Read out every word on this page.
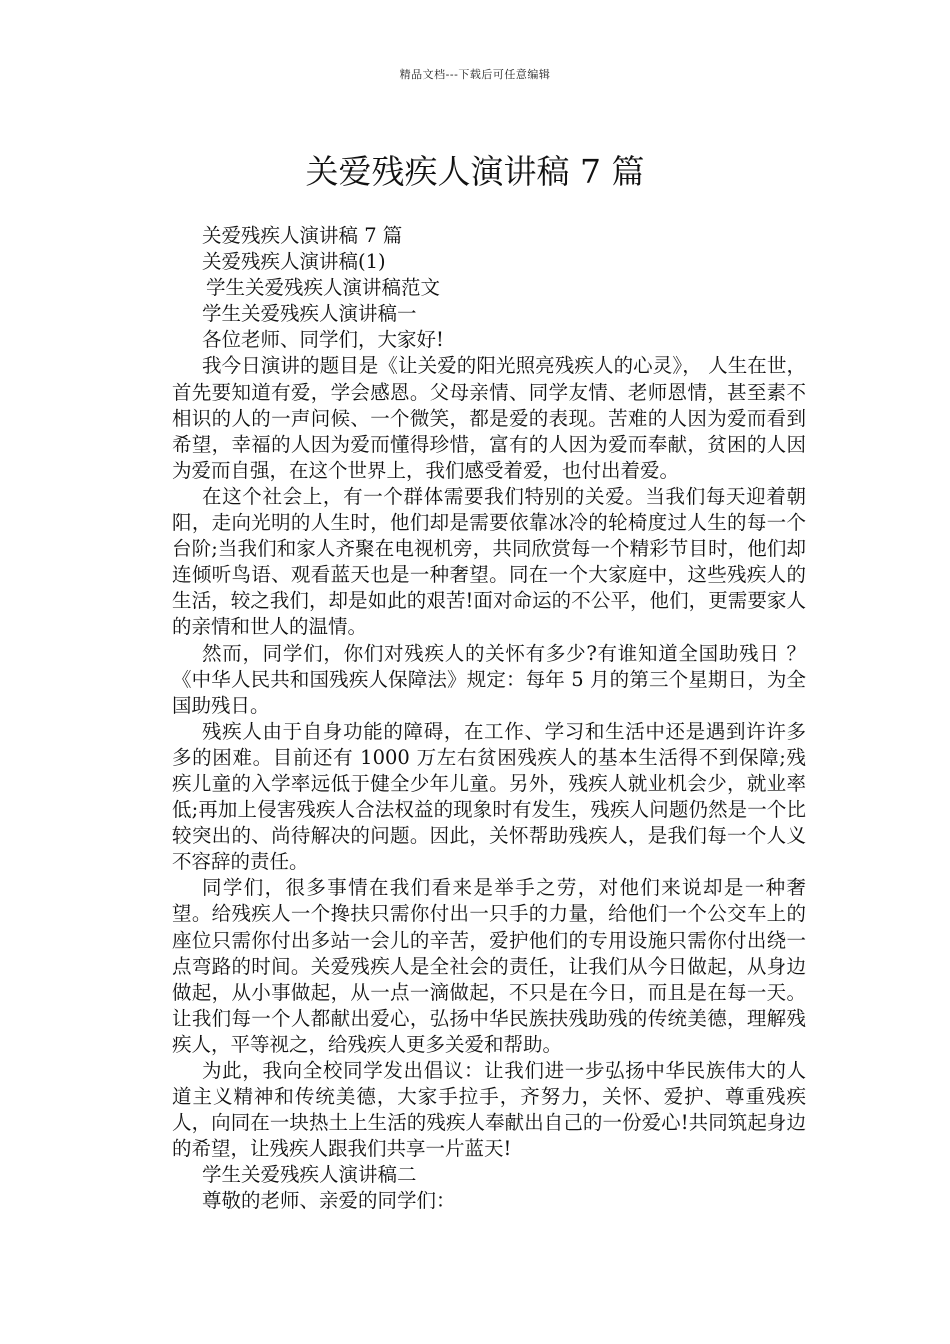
精品文档---下载后可任意编辑
关爱残疾人演讲稿 7 篇

关爱残疾人演讲稿 7 篇

关爱残疾人演讲稿(1)

学生关爱残疾人演讲稿范文

学生关爱残疾人演讲稿一

各位老师、同学们，大家好!

我今日演讲的题目是《让关爱的阳光照亮残疾人的心灵》， 人生在世，首先要知道有爱，学会感恩。父母亲情、同学友情、老师恩情，甚至素不相识的人的一声问候、一个微笑，都是爱的表现。苦难的人因为爱而看到希望，幸福的人因为爱而懂得珍惜，富有的人因为爱而奉献，贫困的人因为爱而自强，在这个世界上，我们感受着爱，也付出着爱。

在这个社会上，有一个群体需要我们特别的关爱。当我们每天迎着朝阳，走向光明的人生时，他们却是需要依靠冰冷的轮椅度过人生的每一个台阶;当我们和家人齐聚在电视机旁，共同欣赏每一个精彩节目时，他们却连倾听鸟语、观看蓝天也是一种奢望。同在一个大家庭中，这些残疾人的生活，较之我们，却是如此的艰苦!面对命运的不公平，他们，更需要家人的亲情和世人的温情。

然而，同学们，你们对残疾人的关怀有多少?有谁知道全国助残日 ？《中华人民共和国残疾人保障法》规定：每年 5 月的第三个星期日，为全国助残日。

残疾人由于自身功能的障碍，在工作、学习和生活中还是遇到许许多多的困难。目前还有 1000 万左右贫困残疾人的基本生活得不到保障;残疾儿童的入学率远低于健全少年儿童。另外，残疾人就业机会少，就业率低;再加上侵害残疾人合法权益的现象时有发生，残疾人问题仍然是一个比较突出的、尚待解决的问题。因此，关怀帮助残疾人，是我们每一个人义不容辞的责任。

同学们，很多事情在我们看来是举手之劳，对他们来说却是一种奢望。给残疾人一个搀扶只需你付出一只手的力量，给他们一个公交车上的座位只需你付出多站一会儿的辛苦，爱护他们的专用设施只需你付出绕一点弯路的时间。关爱残疾人是全社会的责任，让我们从今日做起，从身边做起，从小事做起，从一点一滴做起，不只是在今日，而且是在每一天。让我们每一个人都献出爱心，弘扬中华民族扶残助残的传统美德，理解残疾人，平等视之，给残疾人更多关爱和帮助。

为此，我向全校同学发出倡议：让我们进一步弘扬中华民族伟大的人道主义精神和传统美德，大家手拉手，齐努力，关怀、爱护、尊重残疾人，向同在一块热土上生活的残疾人奉献出自己的一份爱心!共同筑起身边的希望，让残疾人跟我们共享一片蓝天!

学生关爱残疾人演讲稿二

尊敬的老师、亲爱的同学们：
